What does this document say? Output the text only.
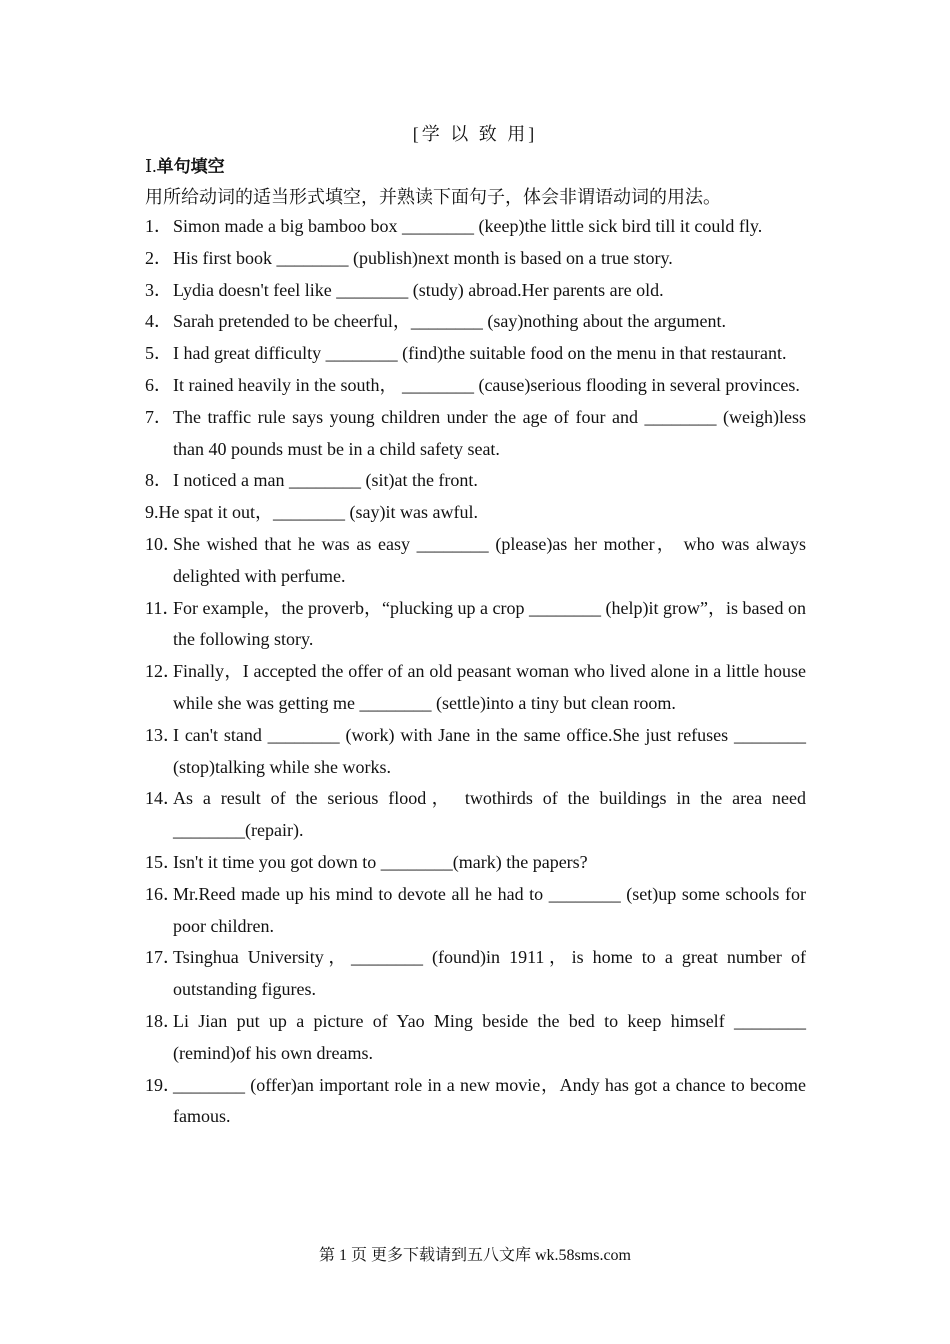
[学 以 致 用]
Ⅰ.单句填空
用所给动词的适当形式填空，并熟读下面句子，体会非谓语动词的用法。
1． Simon made a big bamboo box ________ (keep)the little sick bird till it could fly.
2． His first book ________ (publish)next month is based on a true story.
3． Lydia doesn't feel like ________ (study) abroad.Her parents are old.
4． Sarah pretended to be cheerful，________ (say)nothing about the argument.
5． I had great difficulty ________ (find)the suitable food on the menu in that restaurant.
6． It rained heavily in the south， ________ (cause)serious flooding in several provinces.
7． The traffic rule says young children under the age of four and ________ (weigh)less than 40 pounds must be in a child safety seat.
8． I noticed a man ________ (sit)at the front.
9.He spat it out，________ (say)it was awful.
10．
She wished that he was as easy ________ (please)as her mother， who was always delighted with perfume.
11．
For example，the proverb，“plucking up a crop ________ (help)it grow”，is based on the following story.
12．
Finally，I accepted the offer of an old peasant woman who lived alone in a little house while she was getting me ________ (settle)into a tiny but clean room.
13．
I can't stand ________ (work) with Jane in the same office.She just refuses ________ (stop)talking while she works.
14．
As a result of the serious flood， twothirds of the buildings in the area need ________(repair).
15．
Isn't it time you got down to ________(mark) the papers?
16．
Mr.Reed made up his mind to devote all he had to ________ (set)up some schools for poor children.
17．
Tsinghua University，________ (found)in 1911，is home to a great number of outstanding figures.
18．
Li Jian put up a picture of Yao Ming beside the bed to keep himself ________ (remind)of his own dreams.
19．
________ (offer)an important role in a new movie，Andy has got a chance to become famous.
第 1 页 更多下载请到五八文库 wk.58sms.com
